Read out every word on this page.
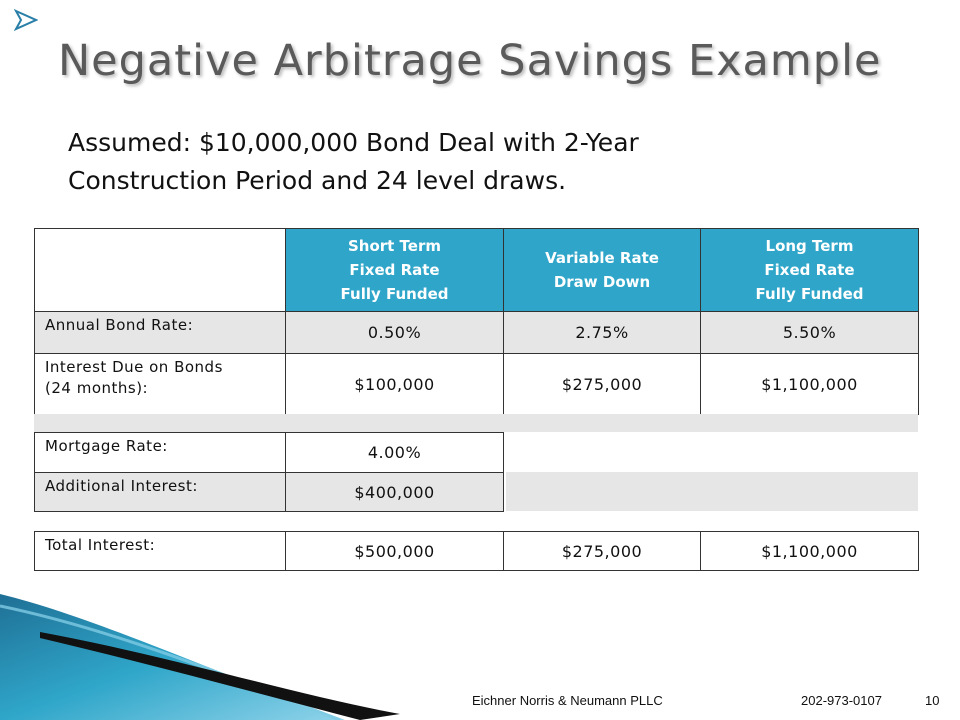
Negative Arbitrage Savings Example
Assumed: $10,000,000 Bond Deal with 2-Year
Construction Period and 24 level draws.

	Short Term
Fixed Rate
Fully Funded	Variable Rate
Draw Down	Long Term
Fixed Rate
Fully Funded

Annual Bond Rate:	0.50%	2.75%	5.50%

Interest Due on Bonds
(24 months):	$100,000	$275,000	$1,100,000
Mortgage Rate:	4.00%
Additional Interest:	$400,000
Total Interest:	$500,000	$275,000	$1,100,000
Eichner Norris & Neumann PLLC	202-973-0107	10
